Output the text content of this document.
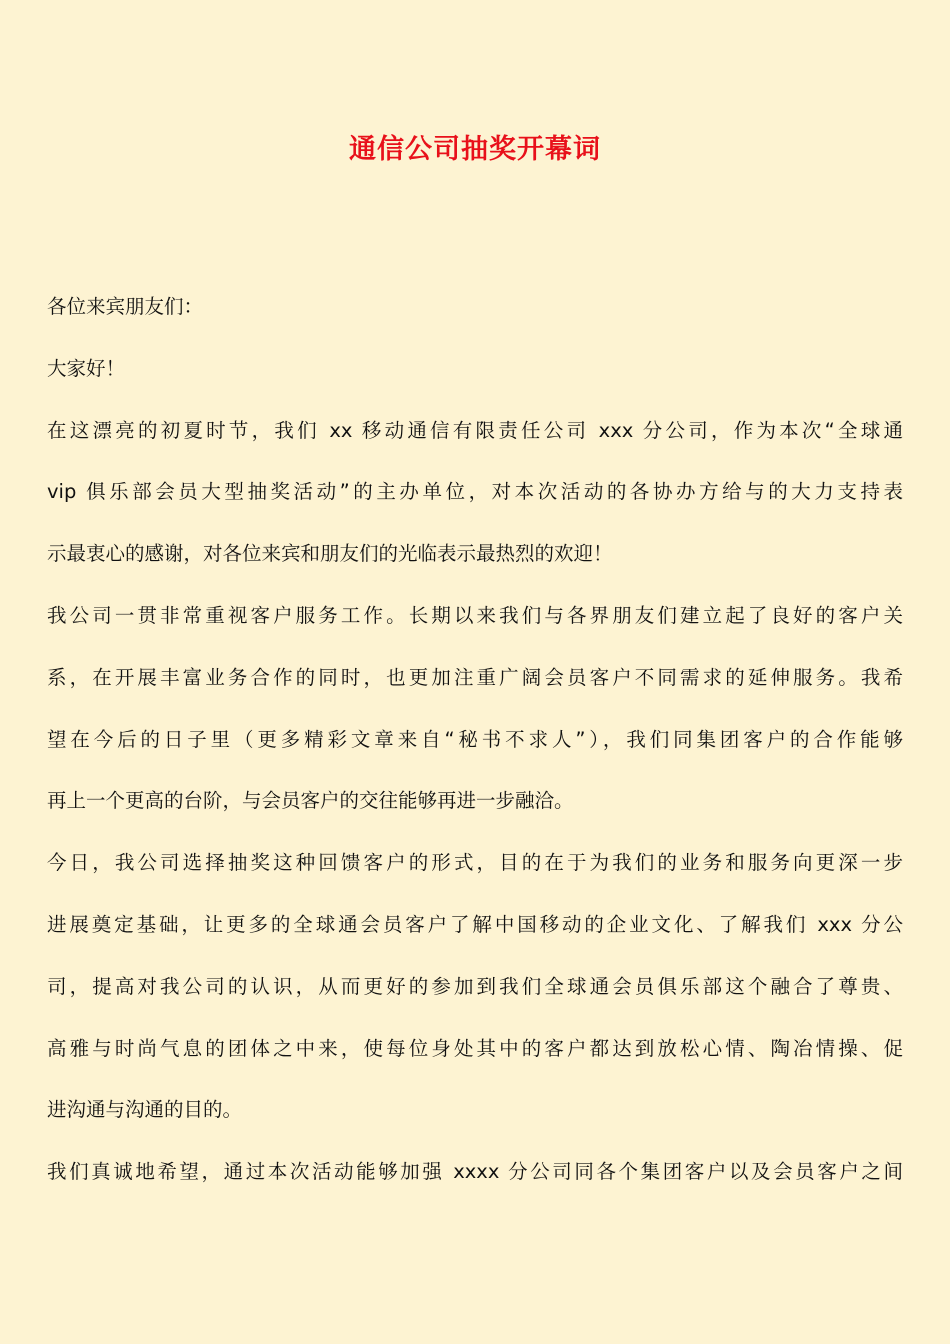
通信公司抽奖开幕词
各位来宾朋友们：
大家好！
在这漂亮的初夏时节，我们 xx 移动通信有限责任公司 xxx 分公司，作为本次“全球通
vip 俱乐部会员大型抽奖活动”的主办单位，对本次活动的各协办方给与的大力支持表
示最衷心的感谢，对各位来宾和朋友们的光临表示最热烈的欢迎！
我公司一贯非常重视客户服务工作。长期以来我们与各界朋友们建立起了良好的客户关
系，在开展丰富业务合作的同时，也更加注重广阔会员客户不同需求的延伸服务。我希
望在今后的日子里（更多精彩文章来自“秘书不求人”），我们同集团客户的合作能够
再上一个更高的台阶，与会员客户的交往能够再进一步融洽。
今日，我公司选择抽奖这种回馈客户的形式，目的在于为我们的业务和服务向更深一步
进展奠定基础，让更多的全球通会员客户了解中国移动的企业文化、了解我们 xxx 分公
司，提高对我公司的认识，从而更好的参加到我们全球通会员俱乐部这个融合了尊贵、
高雅与时尚气息的团体之中来，使每位身处其中的客户都达到放松心情、陶冶情操、促
进沟通与沟通的目的。
我们真诚地希望，通过本次活动能够加强 xxxx 分公司同各个集团客户以及会员客户之间
